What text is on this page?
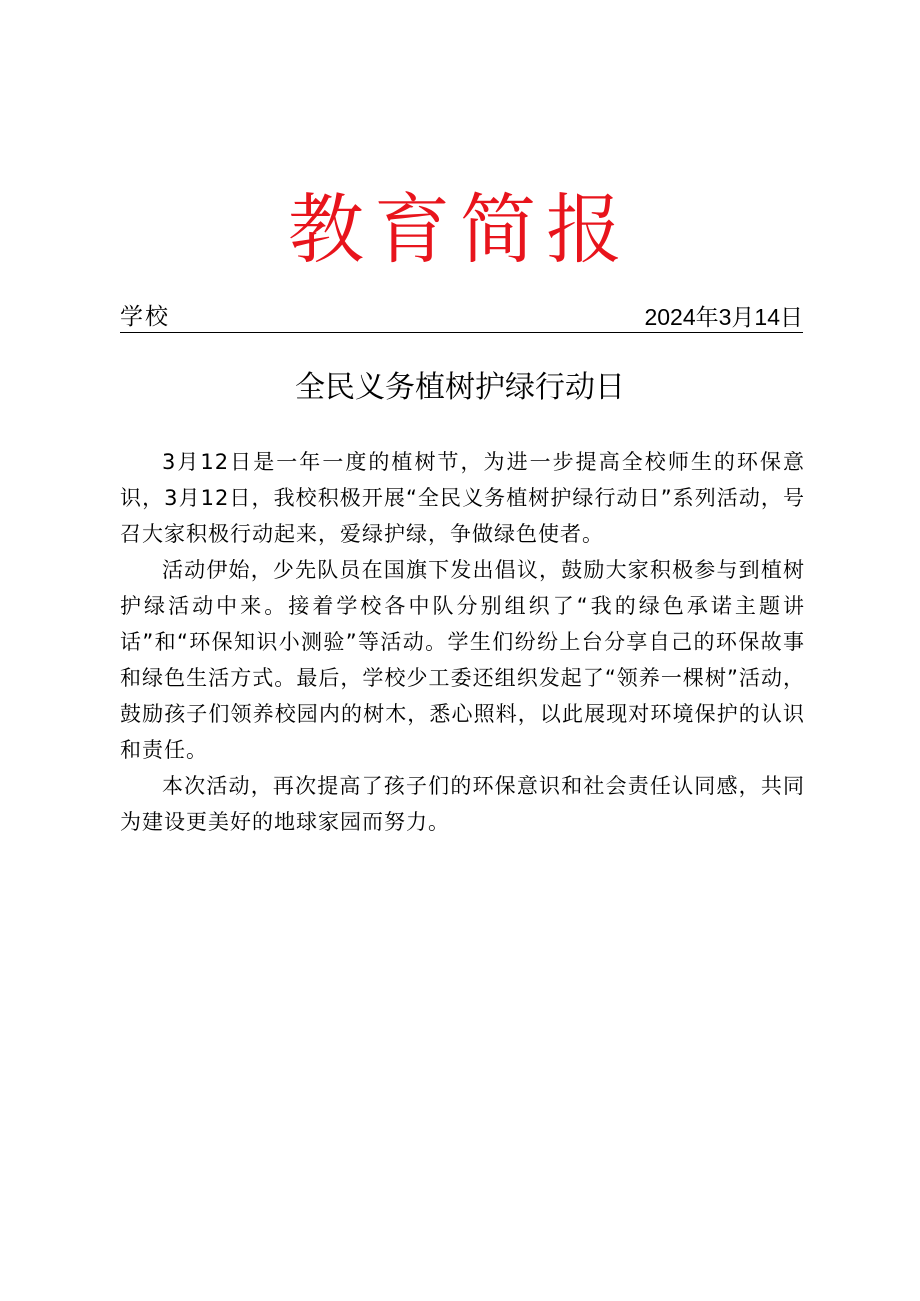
教育简报
学校	2024年3月14日
全民义务植树护绿行动日

3月12日是一年一度的植树节，为进一步提高全校师生的环保意识，3月12日，我校积极开展“全民义务植树护绿行动日”系列活动，号召大家积极行动起来，爱绿护绿，争做绿色使者。

活动伊始，少先队员在国旗下发出倡议，鼓励大家积极参与到植树护绿活动中来。接着学校各中队分别组织了“我的绿色承诺主题讲话”和“环保知识小测验”等活动。学生们纷纷上台分享自己的环保故事和绿色生活方式。最后，学校少工委还组织发起了“领养一棵树”活动，鼓励孩子们领养校园内的树木，悉心照料，以此展现对环境保护的认识和责任。

本次活动，再次提高了孩子们的环保意识和社会责任认同感，共同为建设更美好的地球家园而努力。
